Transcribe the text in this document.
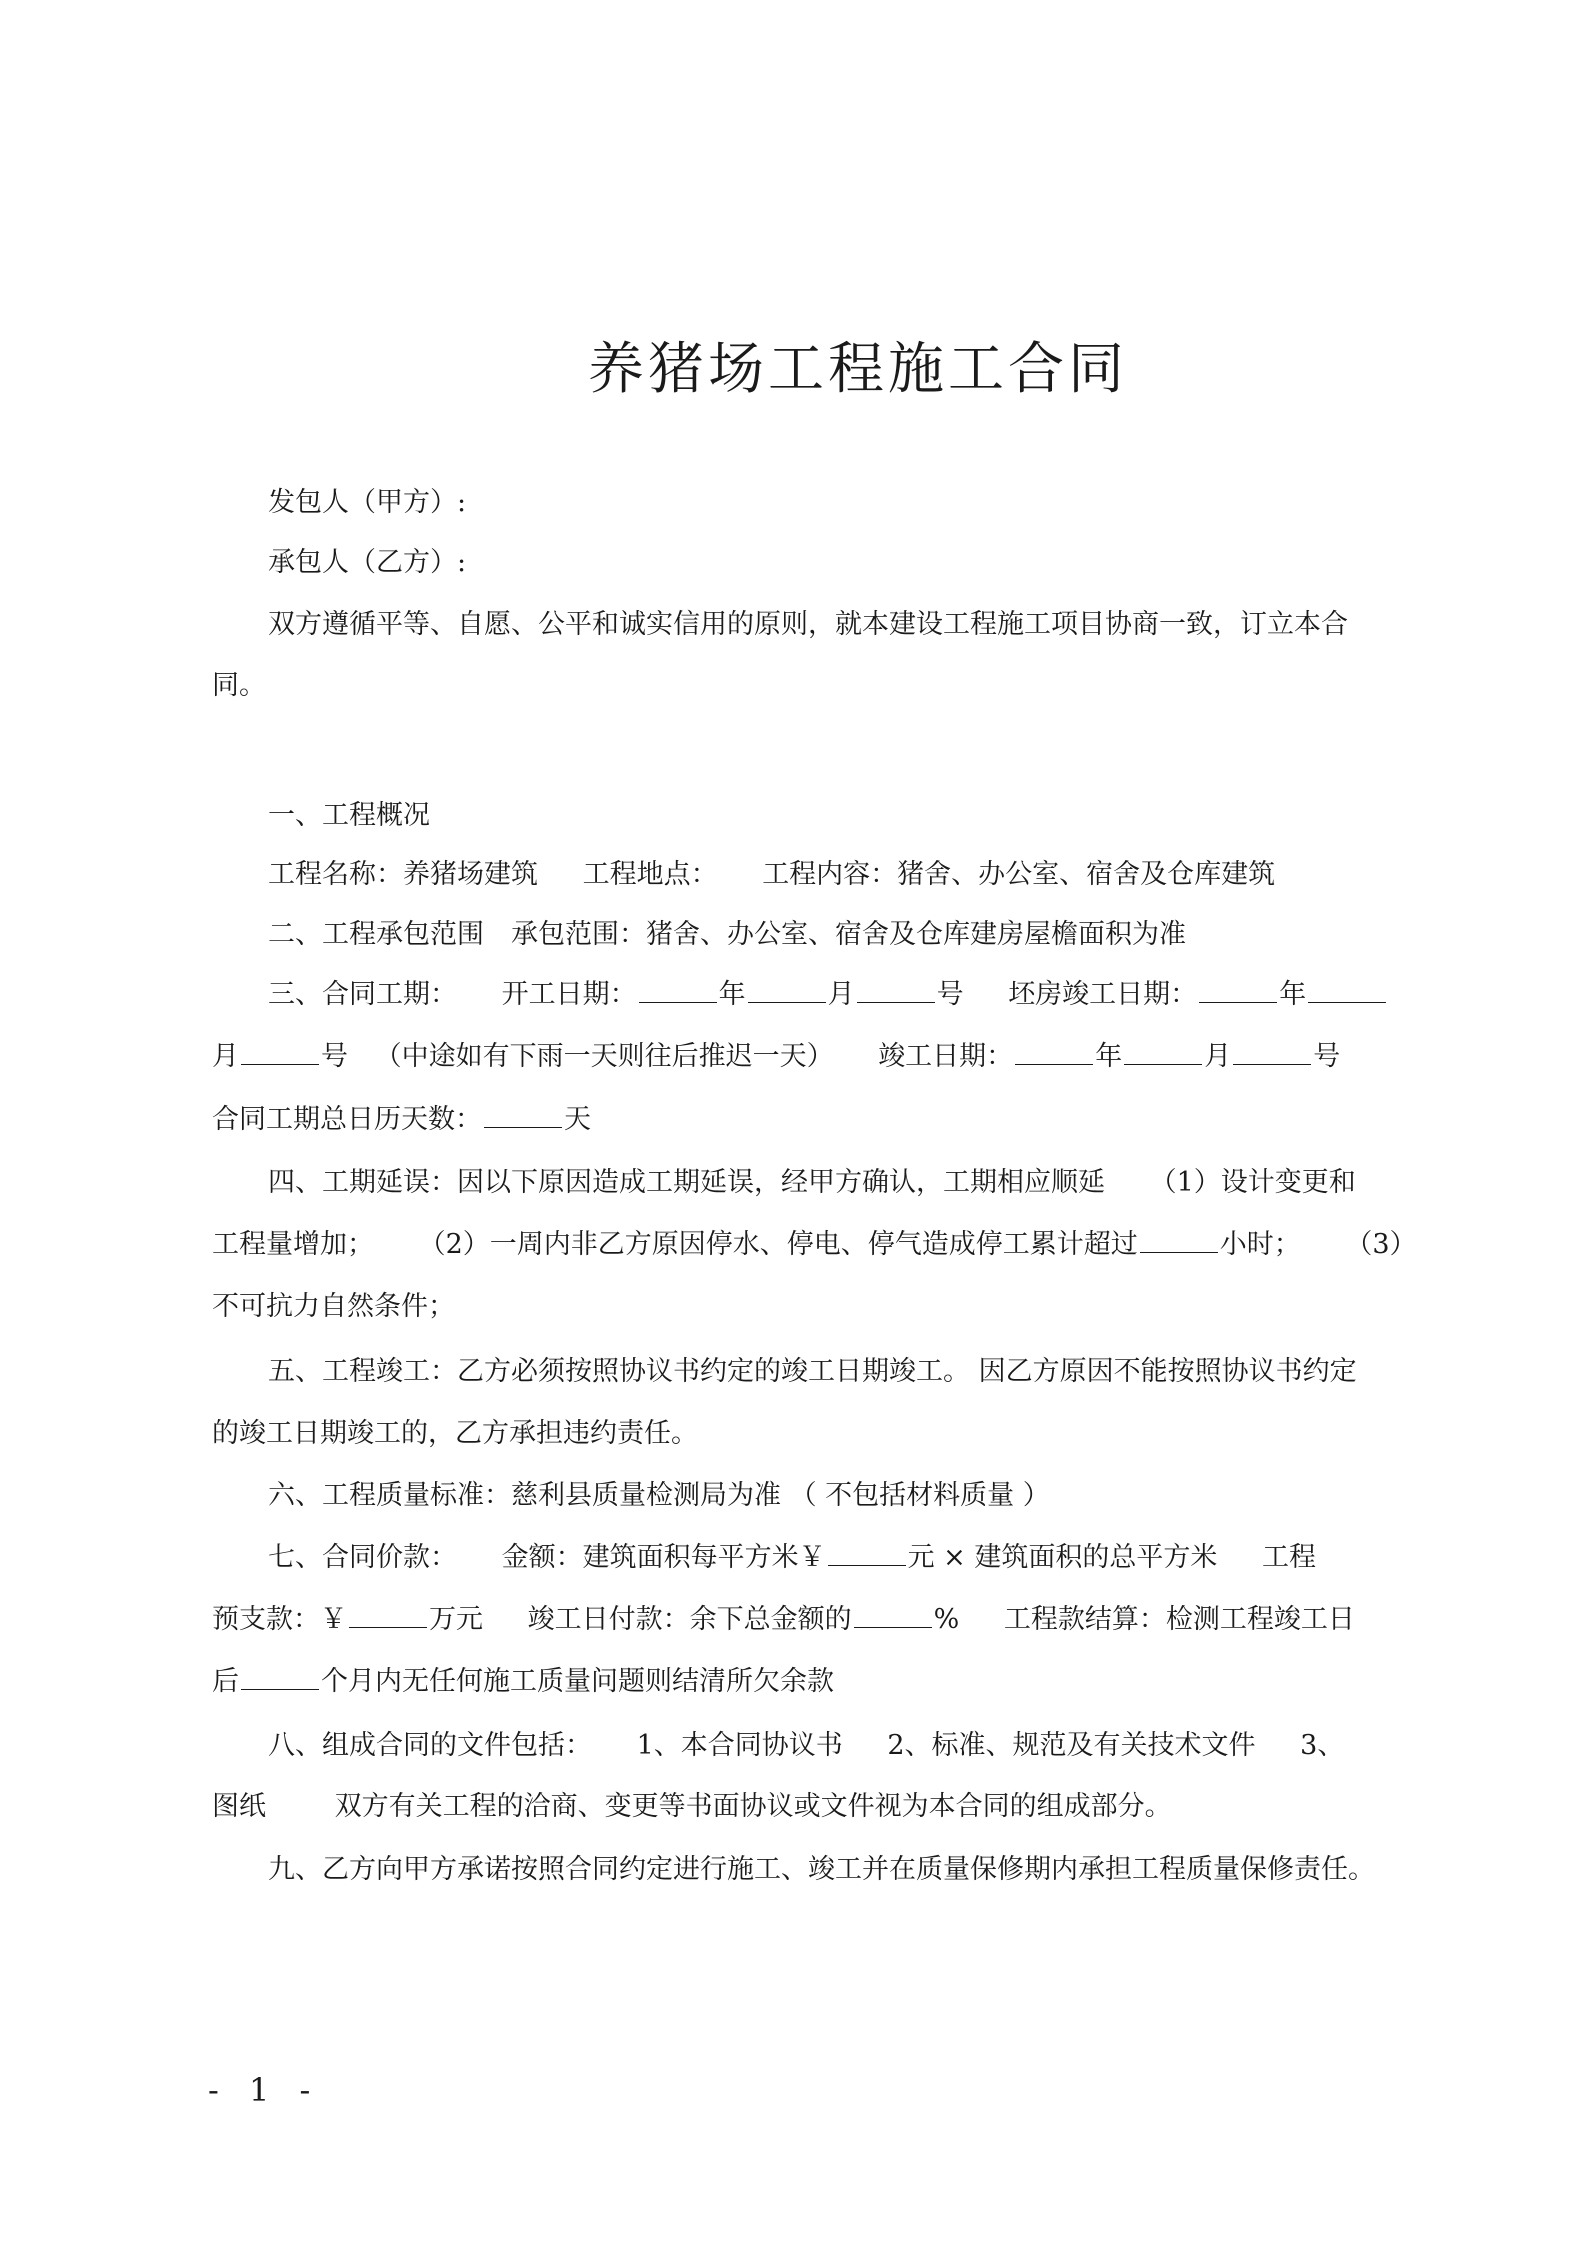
养猪场工程施工合同
发包人（甲方）:
承包人（乙方）:
双方遵循平等、自愿、公平和诚实信用的原则，就本建设工程施工项目协商一致，订立本合
同。
一、工程概况
工程名称：养猪场建筑 工程地点： 工程内容：猪舍、办公室、宿舍及仓库建筑
二、工程承包范围　承包范围：猪舍、办公室、宿舍及仓库建房屋檐面积为准
三、合同工期： 开工日期：	年	月	号 坯房竣工日期：	年
月	号 （中途如有下雨一天则往后推迟一天） 竣工日期：	年	月	号
合同工期总日历天数：	天
四、工期延误：因以下原因造成工期延误，经甲方确认，工期相应顺延 （1）设计变更和
工程量增加； （2）一周内非乙方原因停水、停电、停气造成停工累计超过	小时； （3）
不可抗力自然条件；
五、工程竣工：乙方必须按照协议书约定的竣工日期竣工。 因乙方原因不能按照协议书约定
的竣工日期竣工的，乙方承担违约责任。
六、工程质量标准：慈利县质量检测局为准 （ 不包括材料质量 ）
七、合同价款： 金额：建筑面积每平方米￥	元 × 建筑面积的总平方米 工程
预支款：￥	万元 竣工日付款：余下总金额的	% 工程款结算：检测工程竣工日
后	个月内无任何施工质量问题则结清所欠余款
八、组成合同的文件包括： 1、本合同协议书 2、标准、规范及有关技术文件 3、
图纸	双方有关工程的洽商、变更等书面协议或文件视为本合同的组成部分。
九、乙方向甲方承诺按照合同约定进行施工、竣工并在质量保修期内承担工程质量保修责任。
- 1 -
